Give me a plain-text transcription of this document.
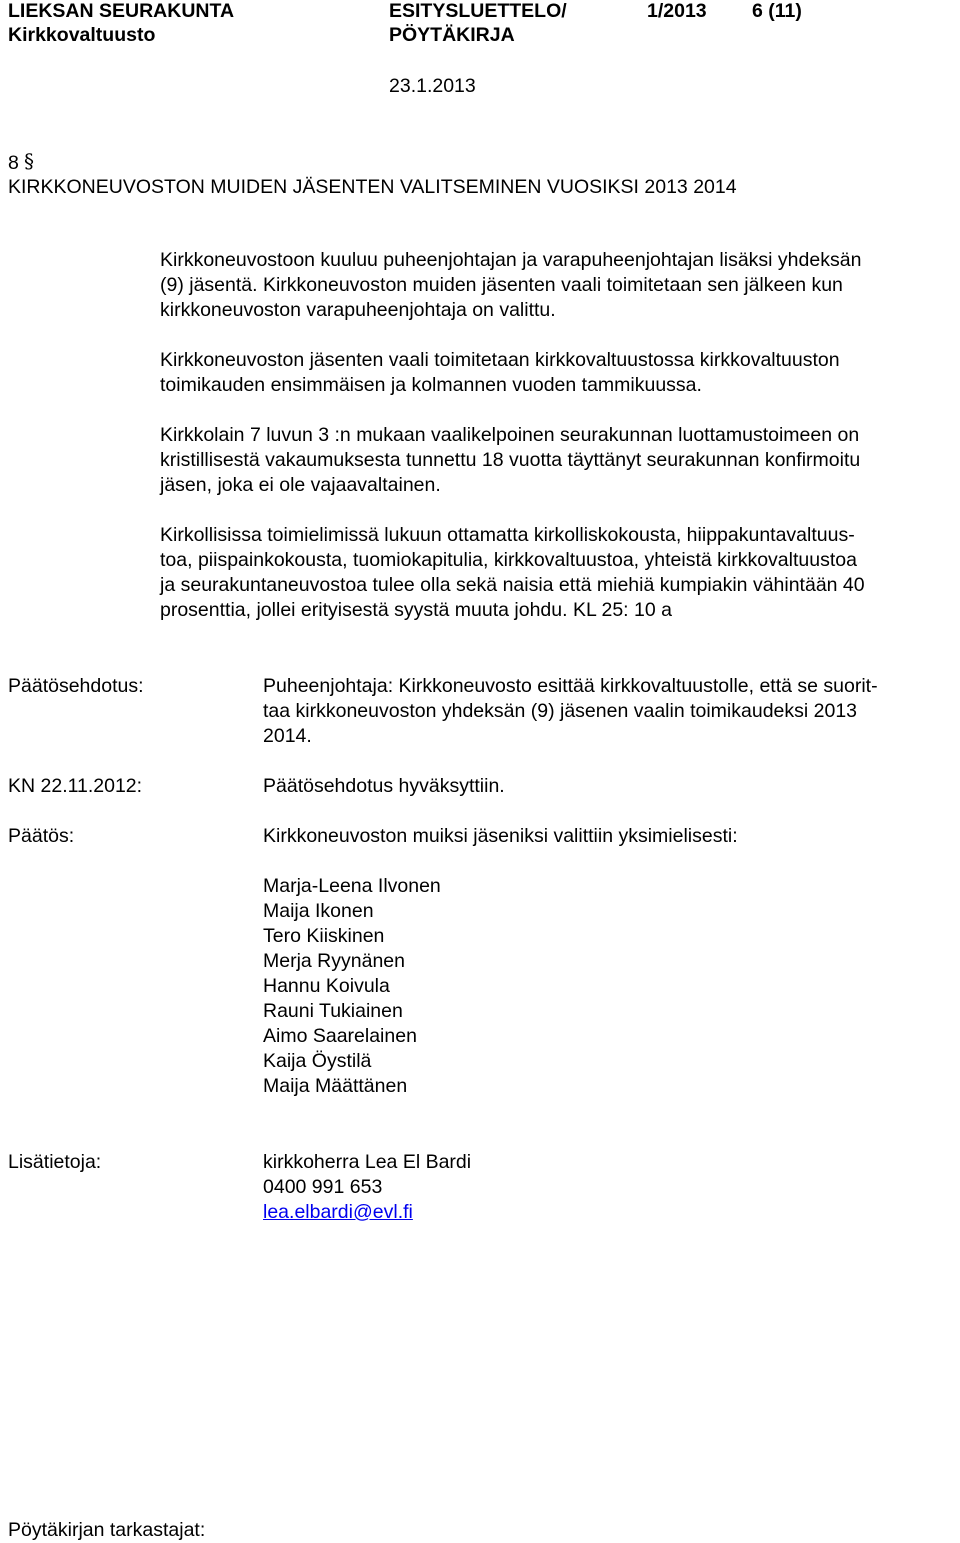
LIEKSAN SEURAKUNTA
Kirkkovaltuusto
ESITYSLUETTELO/
PÖYTÄKIRJA
1/2013 6 (11)
23.1.2013
8 §
KIRKKONEUVOSTON MUIDEN JÄSENTEN VALITSEMINEN VUOSIKSI 2013 2014
Kirkkoneuvostoon kuuluu puheenjohtajan ja varapuheenjohtajan lisäksi yhdeksän
(9) jäsentä. Kirkkoneuvoston muiden jäsenten vaali toimitetaan sen jälkeen kun
kirkkoneuvoston varapuheenjohtaja on valittu.
Kirkkoneuvoston jäsenten vaali toimitetaan kirkkovaltuustossa kirkkovaltuuston
toimikauden ensimmäisen ja kolmannen vuoden tammikuussa.
Kirkkolain 7 luvun 3 :n mukaan vaalikelpoinen seurakunnan luottamustoimeen on
kristillisestä vakaumuksesta tunnettu 18 vuotta täyttänyt seurakunnan konfirmoitu
jäsen, joka ei ole vajaavaltainen.
Kirkollisissa toimielimissä lukuun ottamatta kirkolliskokousta, hiippakuntavaltuus-
toa, piispainkokousta, tuomiokapitulia, kirkkovaltuustoa, yhteistä kirkkovaltuustoa
ja seurakuntaneuvostoa tulee olla sekä naisia että miehiä kumpiakin vähintään 40
prosenttia, jollei erityisestä syystä muuta johdu. KL 25: 10 a
Päätösehdotus:	Puheenjohtaja: Kirkkoneuvosto esittää kirkkovaltuustolle, että se suorit-
taa kirkkoneuvoston yhdeksän (9) jäsenen vaalin toimikaudeksi 2013
2014.
KN 22.11.2012:	Päätösehdotus hyväksyttiin.
Päätös:	Kirkkoneuvoston muiksi jäseniksi valittiin yksimielisesti:
Marja-Leena Ilvonen
Maija Ikonen
Tero Kiiskinen
Merja Ryynänen
Hannu Koivula
Rauni Tukiainen
Aimo Saarelainen
Kaija Öystilä
Maija Määttänen
Lisätietoja:	kirkkoherra Lea El Bardi
0400 991 653
lea.elbardi@evl.fi
Pöytäkirjan tarkastajat:
